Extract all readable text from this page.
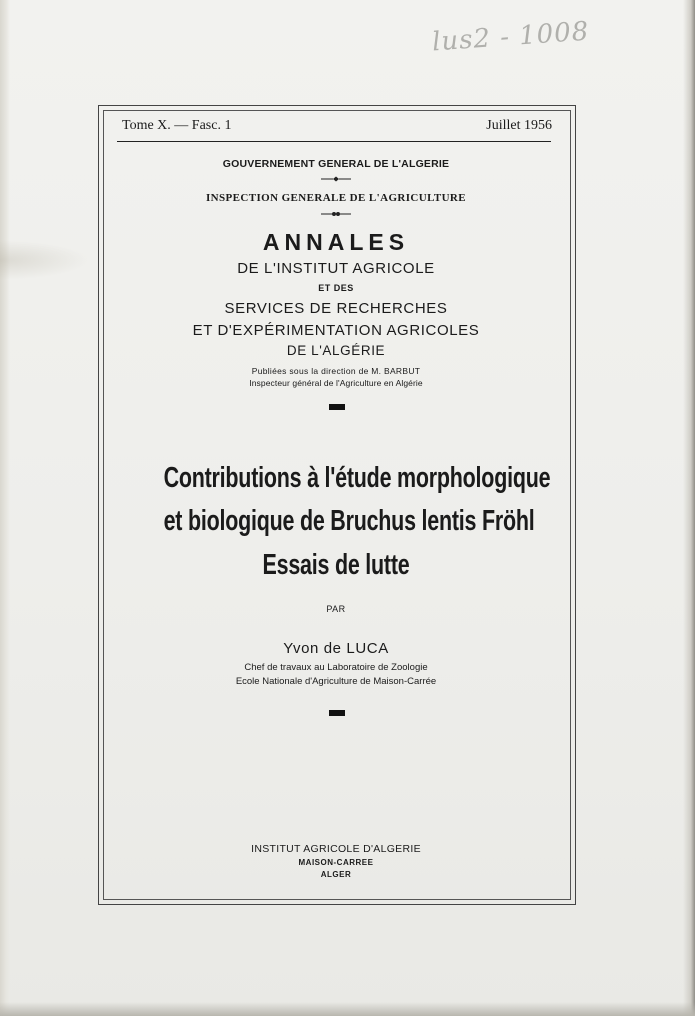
lus2 - 1008
Tome X. — Fasc. 1	Juillet 1956
GOUVERNEMENT GENERAL DE L'ALGERIE
INSPECTION GENERALE DE L'AGRICULTURE
ANNALES
DE L'INSTITUT AGRICOLE
ET DES
SERVICES DE RECHERCHES
ET D'EXPÉRIMENTATION AGRICOLES
DE L'ALGÉRIE
Publiées sous la direction de M. BARBUT
Inspecteur général de l'Agriculture en Algérie
Contributions à l'étude morphologique
et biologique de Bruchus lentis Fröhl
Essais de lutte
PAR
Yvon de LUCA
Chef de travaux au Laboratoire de Zoologie
Ecole Nationale d'Agriculture de Maison-Carrée
INSTITUT AGRICOLE D'ALGERIE
MAISON-CARREE
ALGER
